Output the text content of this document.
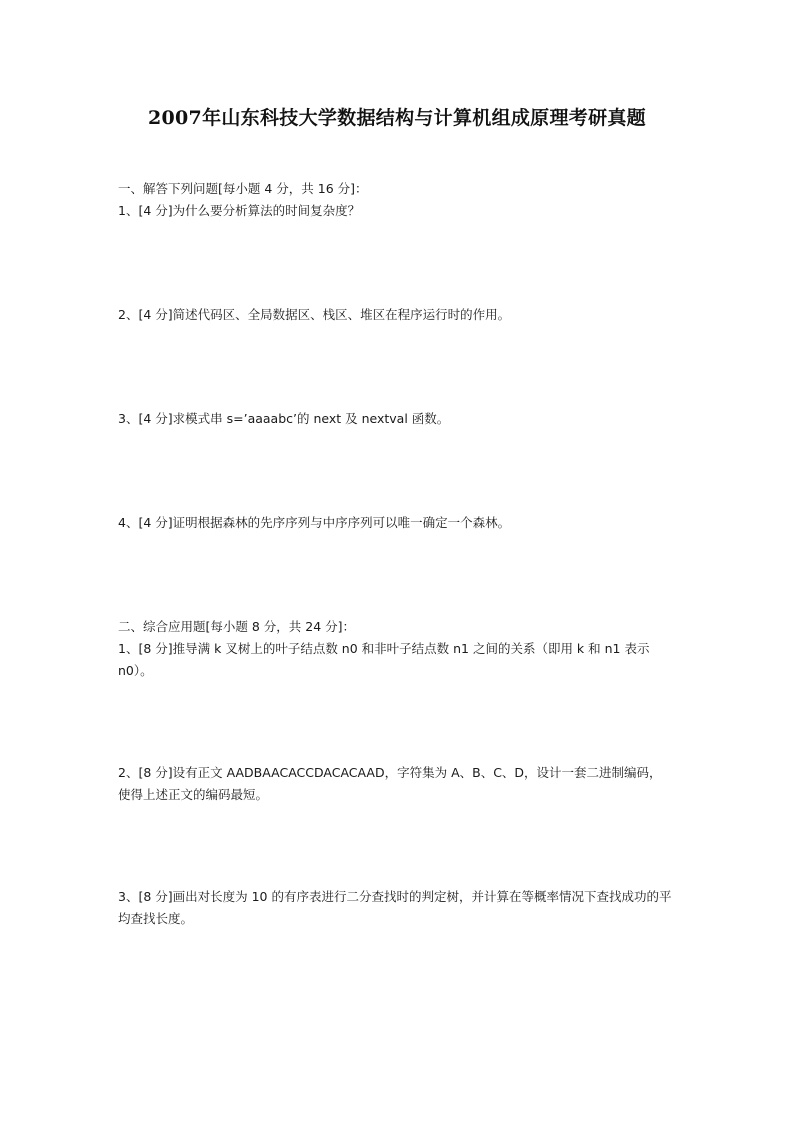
2007年山东科技大学数据结构与计算机组成原理考研真题
一、解答下列问题[每小题 4 分，共 16 分]：
1、[4 分]为什么要分析算法的时间复杂度？
2、[4 分]简述代码区、全局数据区、栈区、堆区在程序运行时的作用。
3、[4 分]求模式串 s=’aaaabc’的 next 及 nextval 函数。
4、[4 分]证明根据森林的先序序列与中序序列可以唯一确定一个森林。
二、综合应用题[每小题 8 分，共 24 分]：
1、[8 分]推导满 k 叉树上的叶子结点数 n0 和非叶子结点数 n1 之间的关系（即用 k 和 n1 表示 n0）。
2、[8 分]设有正文 AADBAACACCDACACAAD，字符集为 A、B、C、D，设计一套二进制编码，使得上述正文的编码最短。
3、[8 分]画出对长度为 10 的有序表进行二分查找时的判定树，并计算在等概率情况下查找成功的平均查找长度。
